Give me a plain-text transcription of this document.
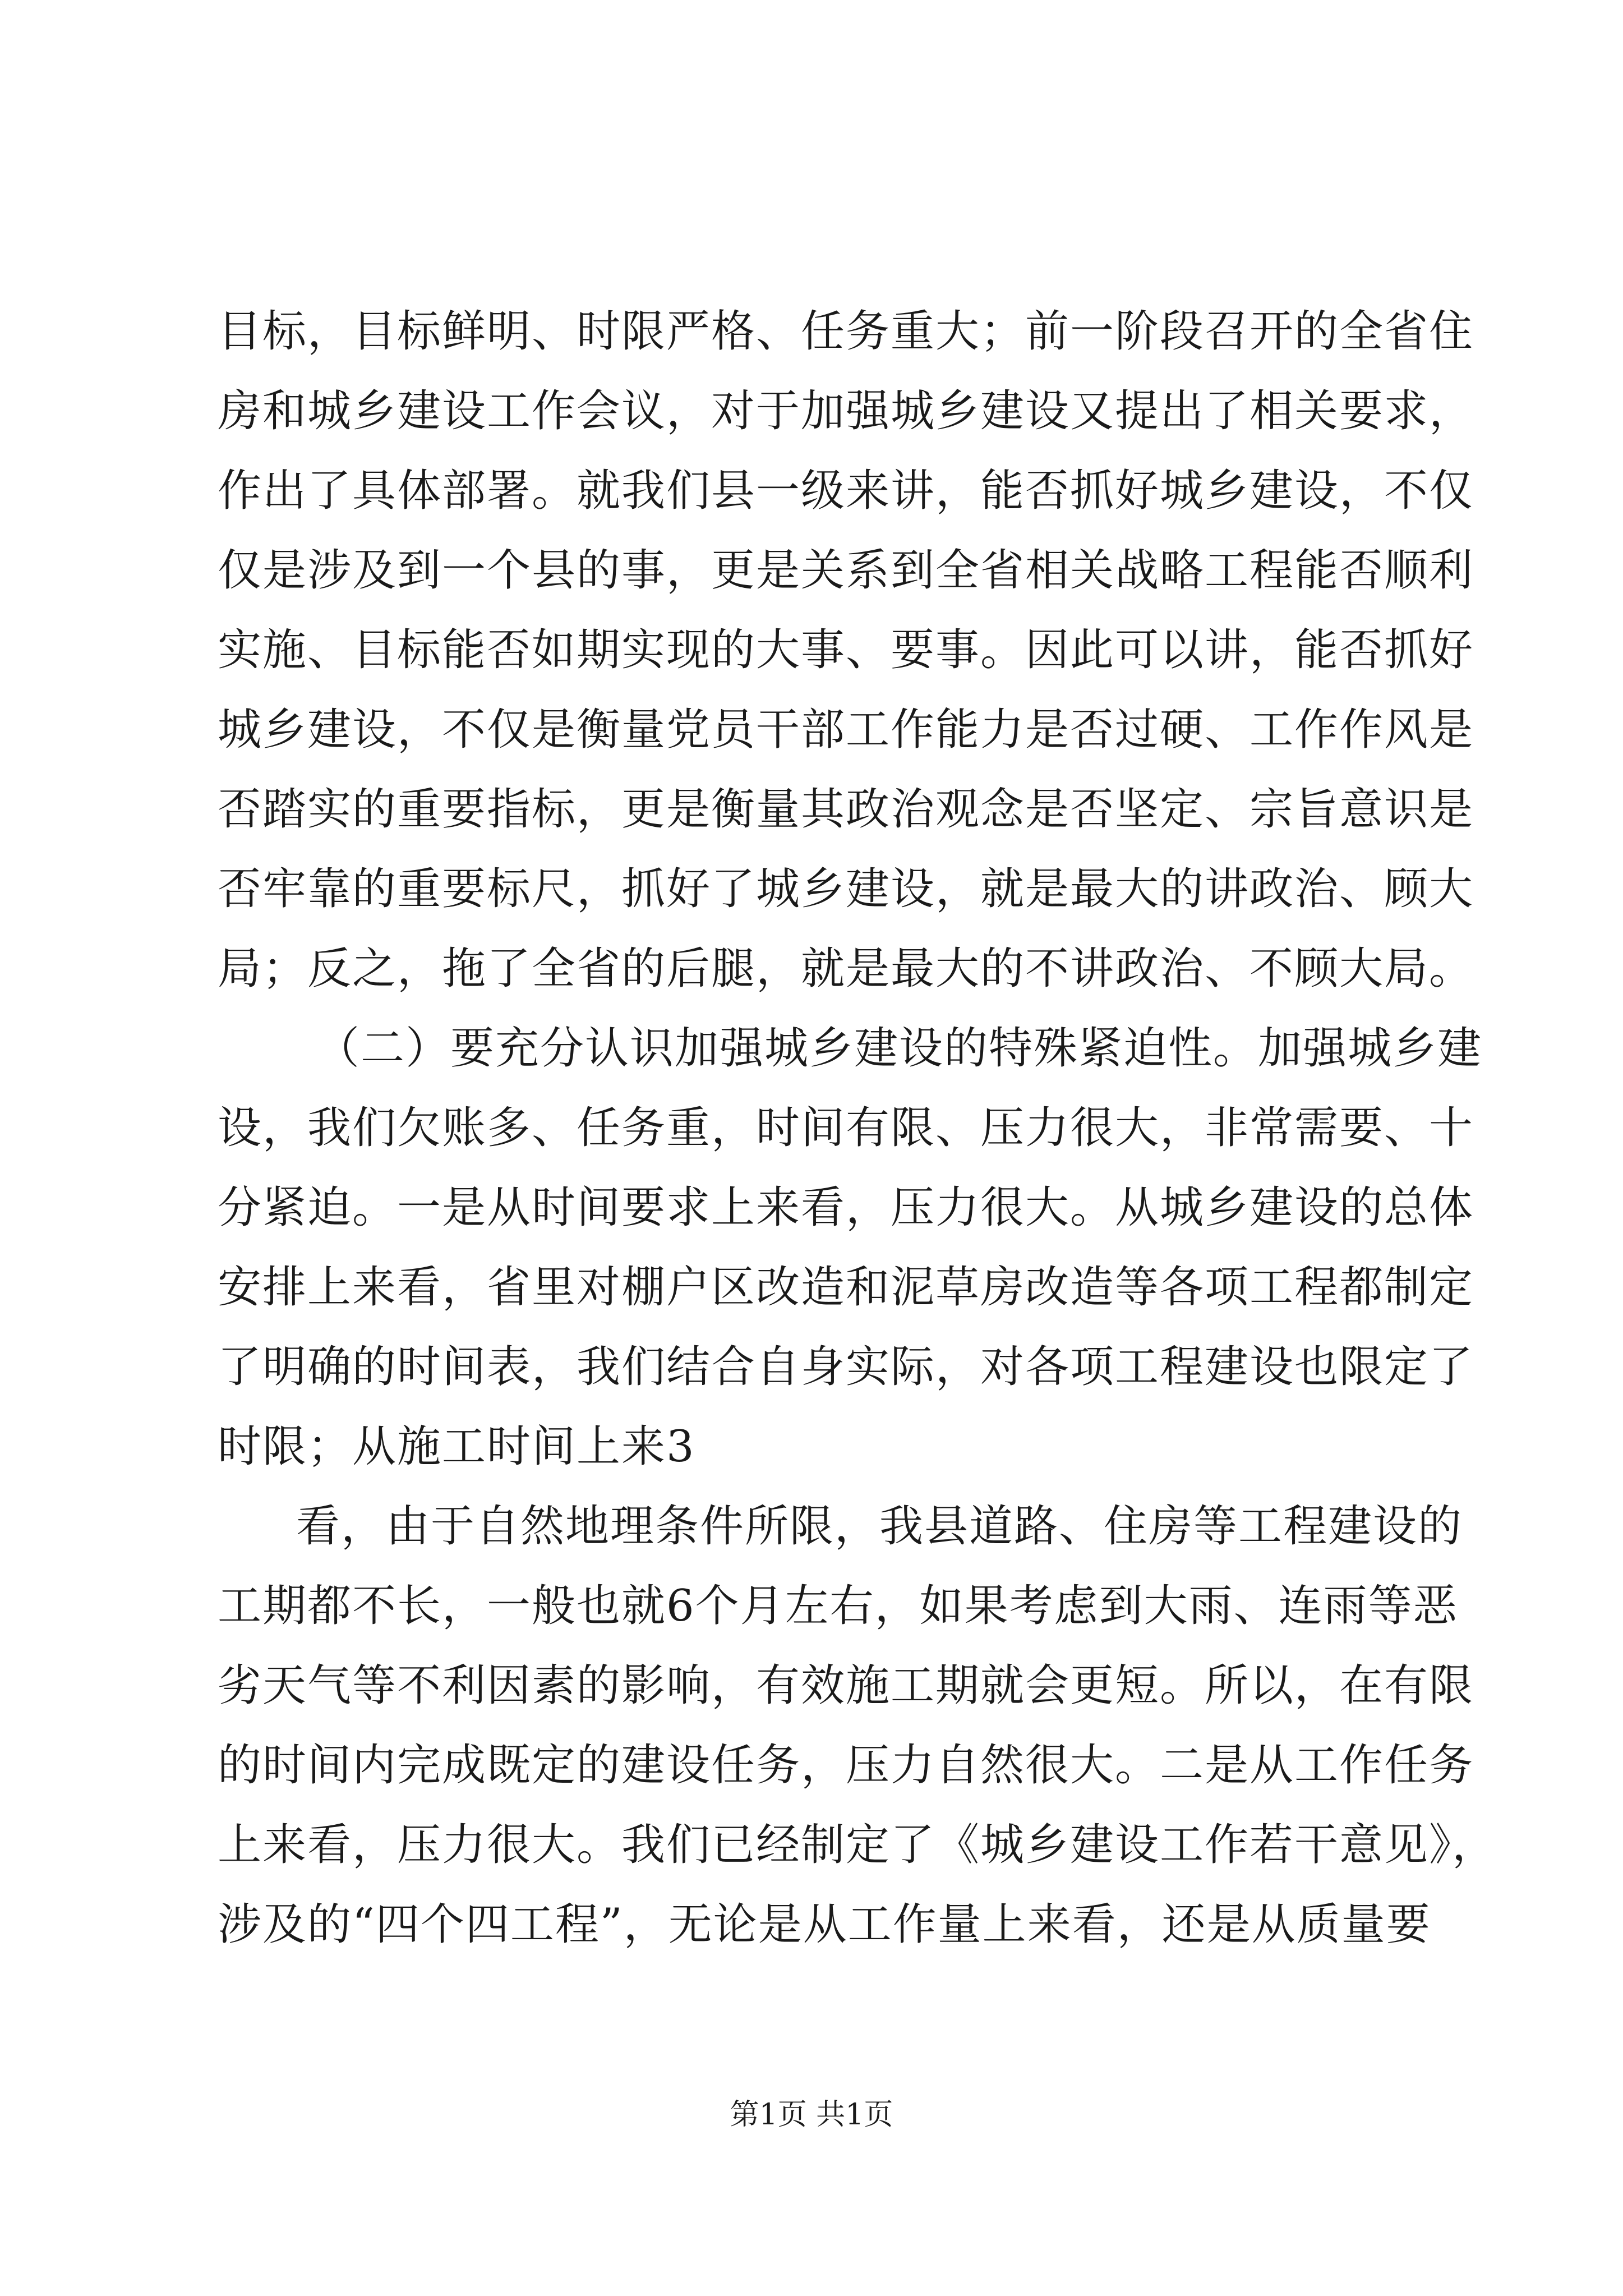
目标，目标鲜明、时限严格、任务重大；前一阶段召开的全省住
房和城乡建设工作会议，对于加强城乡建设又提出了相关要求，
作出了具体部署。就我们县一级来讲，能否抓好城乡建设，不仅
仅是涉及到一个县的事，更是关系到全省相关战略工程能否顺利
实施、目标能否如期实现的大事、要事。因此可以讲，能否抓好
城乡建设，不仅是衡量党员干部工作能力是否过硬、工作作风是
否踏实的重要指标，更是衡量其政治观念是否坚定、宗旨意识是
否牢靠的重要标尺，抓好了城乡建设，就是最大的讲政治、顾大
局；反之，拖了全省的后腿，就是最大的不讲政治、不顾大局。
（二）要充分认识加强城乡建设的特殊紧迫性。加强城乡建
设，我们欠账多、任务重，时间有限、压力很大，非常需要、十
分紧迫。一是从时间要求上来看，压力很大。从城乡建设的总体
安排上来看，省里对棚户区改造和泥草房改造等各项工程都制定
了明确的时间表，我们结合自身实际，对各项工程建设也限定了
时限；从施工时间上来3
看，由于自然地理条件所限，我县道路、住房等工程建设的
工期都不长，一般也就6个月左右，如果考虑到大雨、连雨等恶
劣天气等不利因素的影响，有效施工期就会更短。所以，在有限
的时间内完成既定的建设任务，压力自然很大。二是从工作任务
上来看，压力很大。我们已经制定了《城乡建设工作若干意见》，
涉及的“四个四工程”，无论是从工作量上来看，还是从质量要
第1页 共1页
